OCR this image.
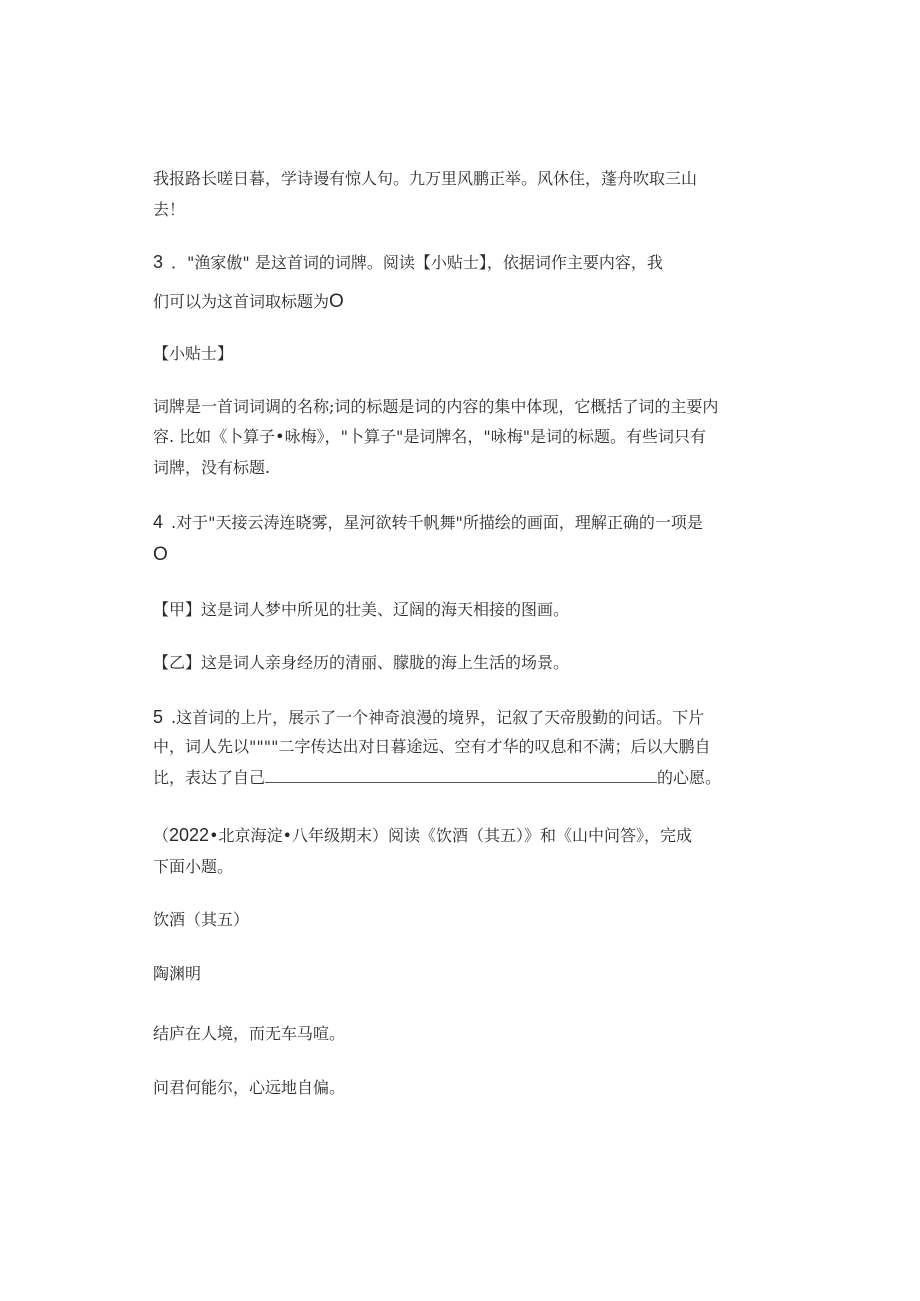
我报路长嗟日暮，学诗谩有惊人句。九万里风鹏正举。风休住，蓬舟吹取三山
去！
3 ．"渔家傲" 是这首词的词牌。阅读【小贴士】，依据词作主要内容，我
们可以为这首词取标题为O
【小贴士】
词牌是一首词词调的名称;词的标题是词的内容的集中体现，它概括了词的主要内
容. 比如《卜算子•咏梅》，"卜算子"是词牌名，"咏梅"是词的标题。有些词只有
词牌，没有标题.
4 .对于"天接云涛连晓雾，星河欲转千帆舞"所描绘的画面，理解正确的一项是
O
【甲】这是词人梦中所见的壮美、辽阔的海天相接的图画。
【乙】这是词人亲身经历的清丽、朦胧的海上生活的场景。
5 .这首词的上片，展示了一个神奇浪漫的境界，记叙了天帝殷勤的问话。下片
中，词人先以""""二字传达出对日暮途远、空有才华的叹息和不满；后以大鹏自
比，表达了自己	的心愿。
（2022•北京海淀•八年级期末）阅读《饮酒（其五）》和《山中问答》，完成
下面小题。
饮酒（其五）
陶渊明
结庐在人境，而无车马喧。
问君何能尔，心远地自偏。
